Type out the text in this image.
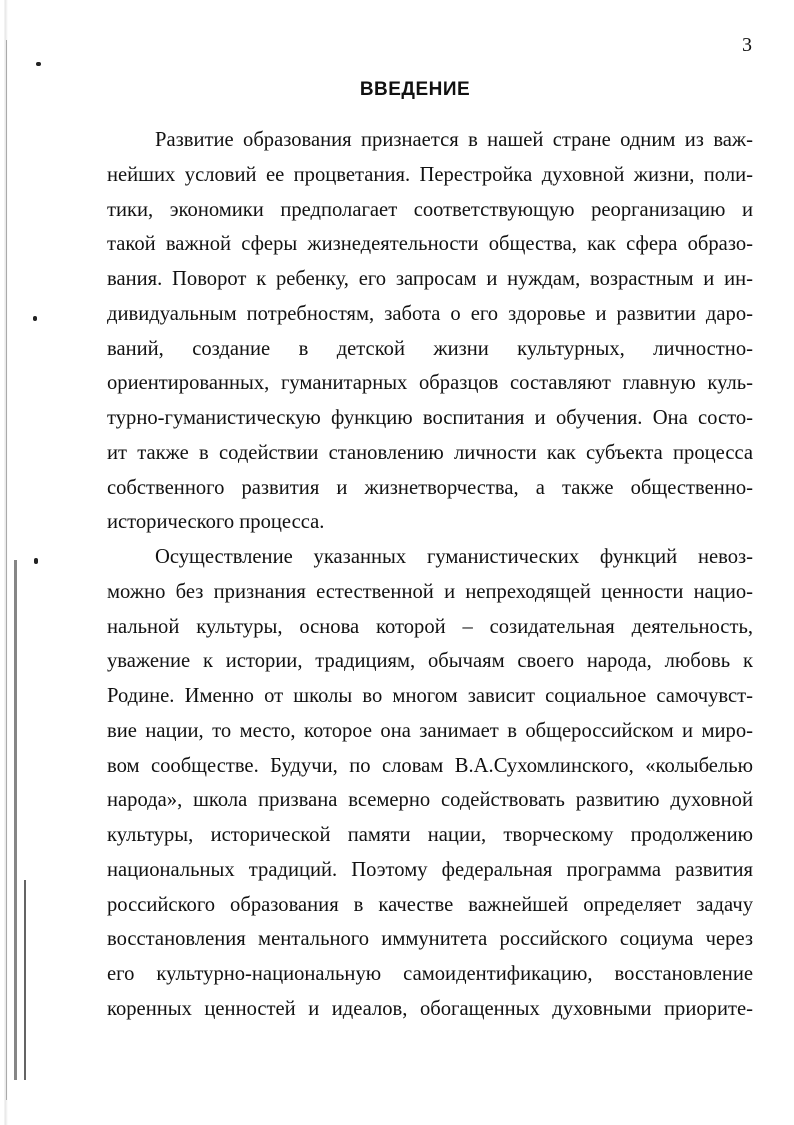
3
ВВЕДЕНИЕ
Развитие образования признается в нашей стране одним из важ-
нейших условий ее процветания. Перестройка духовной жизни, поли-
тики, экономики предполагает соответствующую реорганизацию и
такой важной сферы жизнедеятельности общества, как сфера образо-
вания. Поворот к ребенку, его запросам и нуждам, возрастным и ин-
дивидуальным потребностям, забота о его здоровье и развитии даро-
ваний, создание в детской жизни культурных, личностно-
ориентированных, гуманитарных образцов составляют главную куль-
турно-гуманистическую функцию воспитания и обучения. Она состо-
ит также в содействии становлению личности как субъекта процесса
собственного развития и жизнетворчества, а также общественно-
исторического процесса.
Осуществление указанных гуманистических функций невоз-
можно без признания естественной и непреходящей ценности нацио-
нальной культуры, основа которой – созидательная деятельность,
уважение к истории, традициям, обычаям своего народа, любовь к
Родине. Именно от школы во многом зависит социальное самочувст-
вие нации, то место, которое она занимает в общероссийском и миро-
вом сообществе. Будучи, по словам В.А.Сухомлинского, «колыбелью
народа», школа призвана всемерно содействовать развитию духовной
культуры, исторической памяти нации, творческому продолжению
национальных традиций. Поэтому федеральная программа развития
российского образования в качестве важнейшей определяет задачу
восстановления ментального иммунитета российского социума через
его культурно-национальную самоидентификацию, восстановление
коренных ценностей и идеалов, обогащенных духовными приорите-
